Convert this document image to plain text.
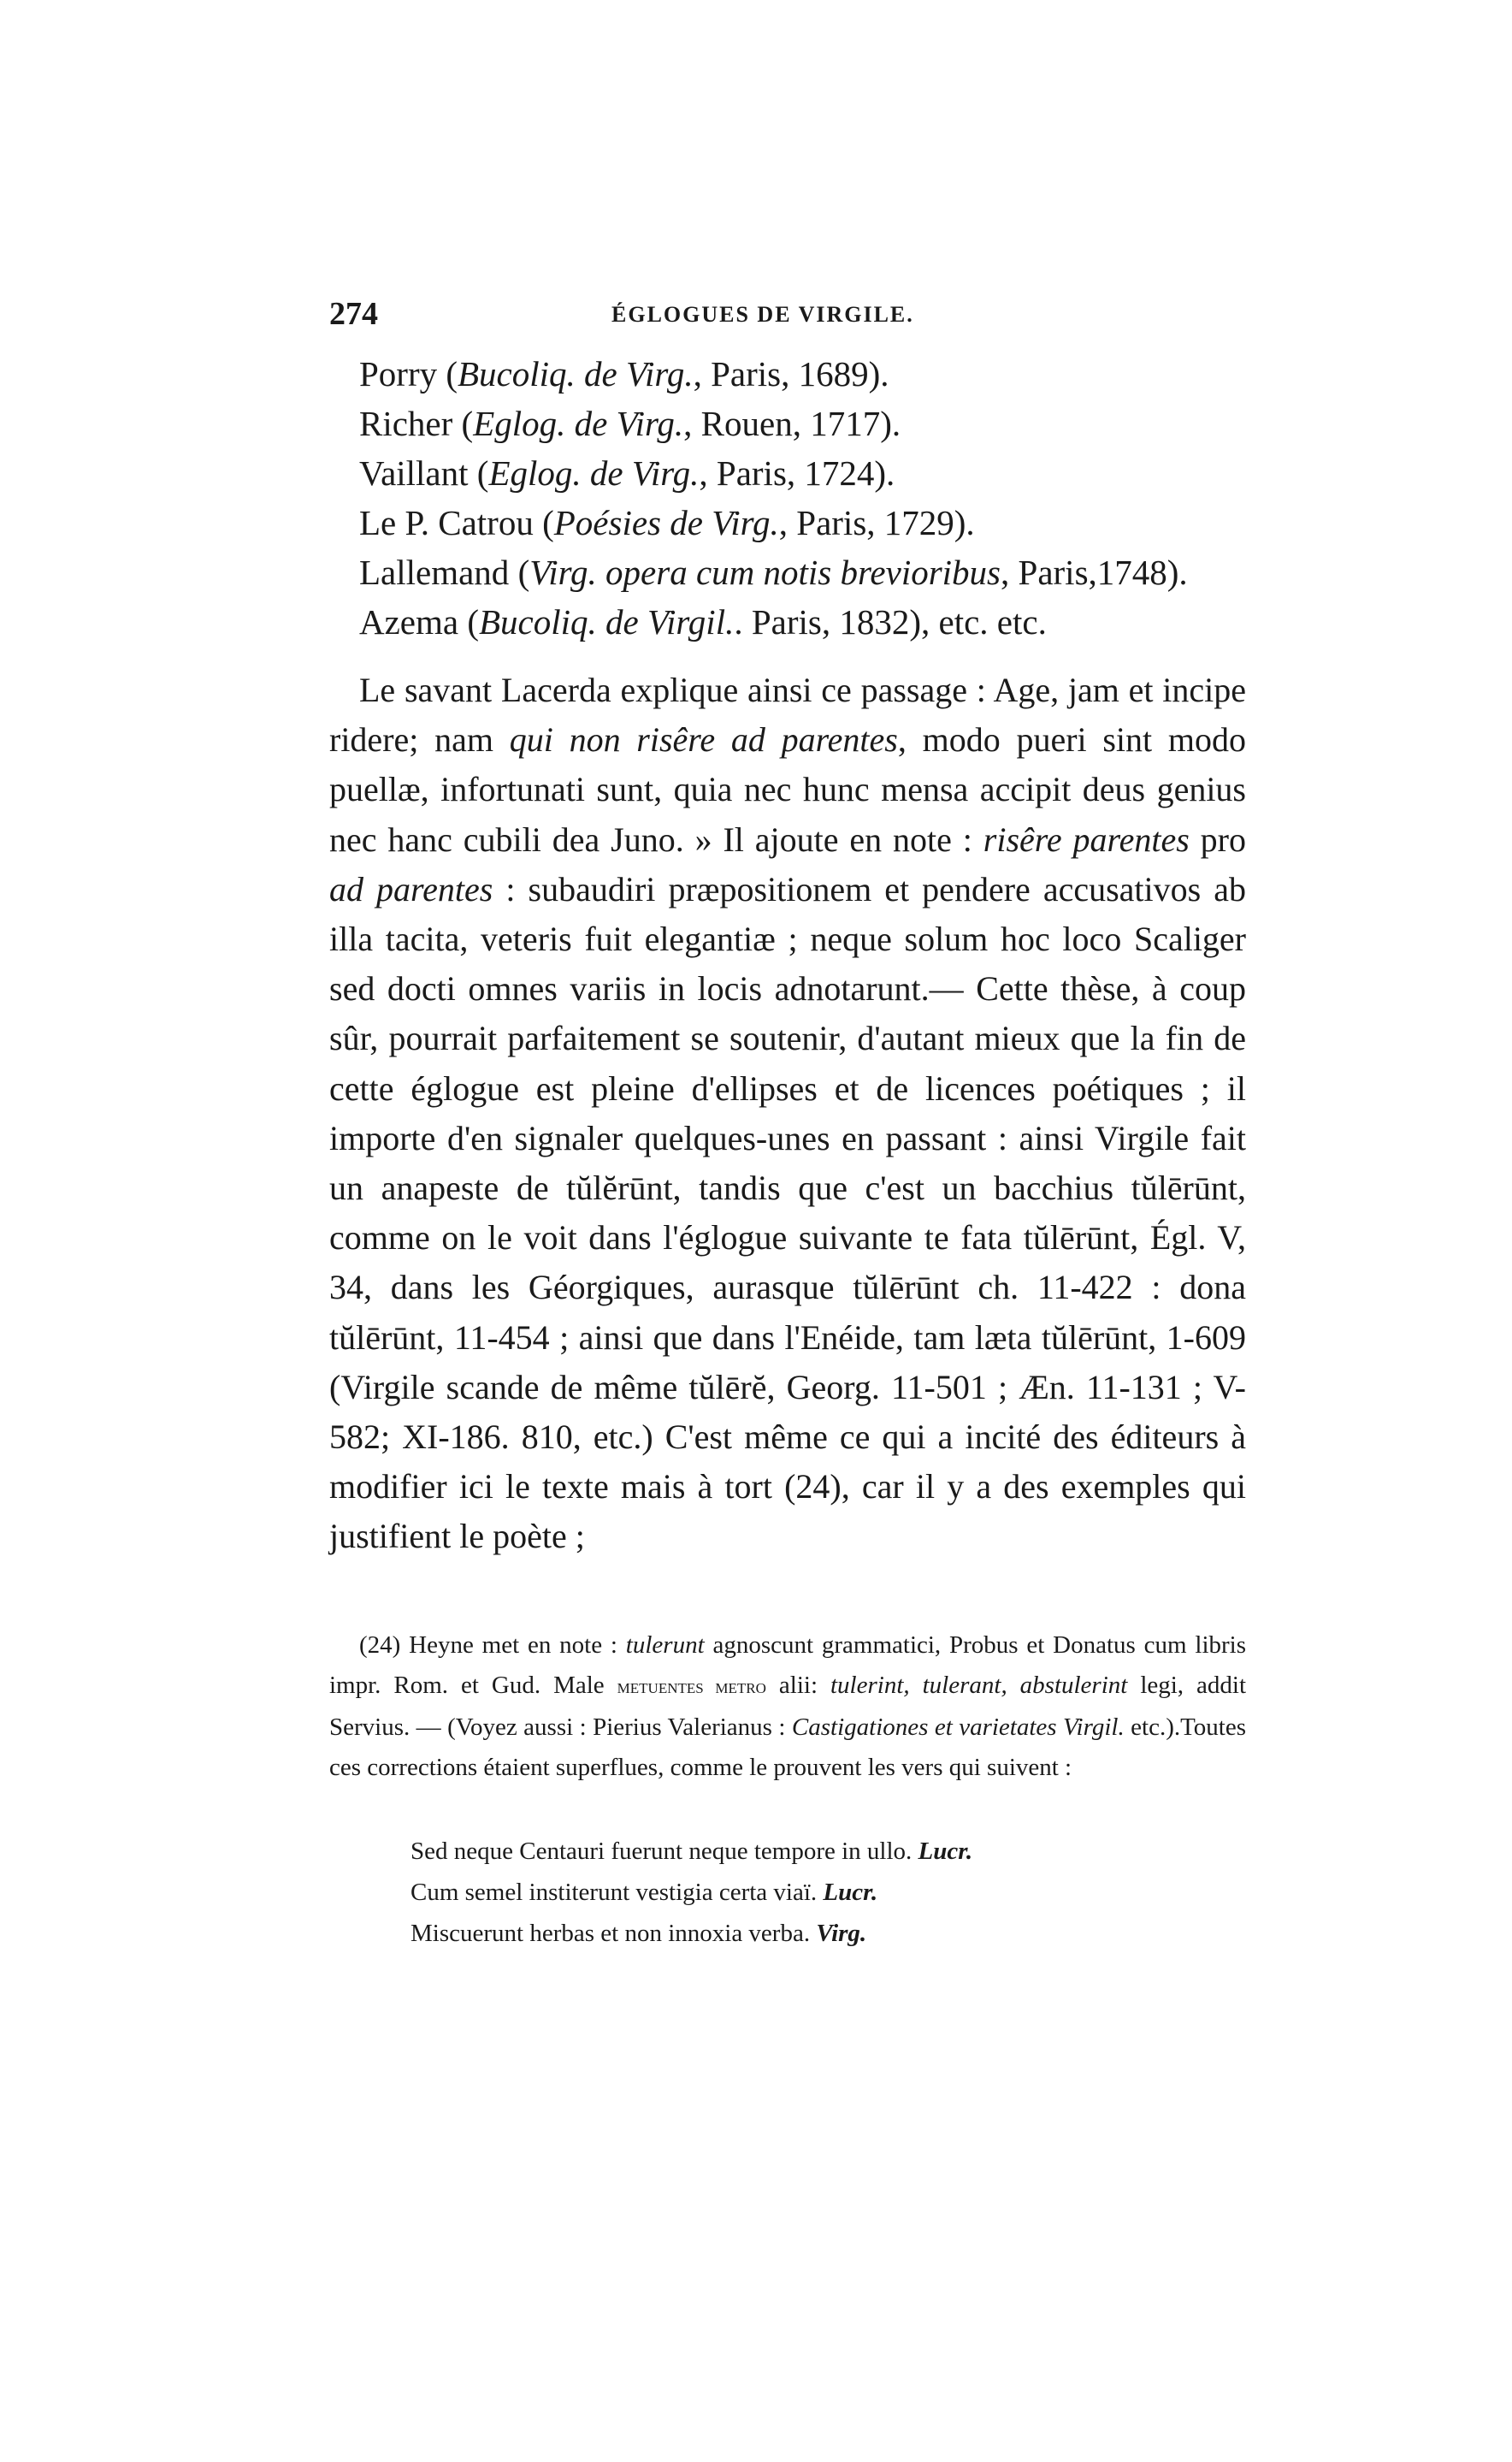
274	ÉGLOGUES DE VIRGILE.
Porry (Bucoliq. de Virg., Paris, 1689).
Richer (Eglog. de Virg., Rouen, 1717).
Vaillant (Eglog. de Virg., Paris, 1724).
Le P. Catrou (Poésies de Virg., Paris, 1729).
Lallemand (Virg. opera cum notis brevioribus, Paris,1748).
Azema (Bucoliq. de Virgil.. Paris, 1832), etc. etc.

Le savant Lacerda explique ainsi ce passage : Age, jam et incipe ridere; nam qui non risêre ad parentes, modo pueri sint modo puellæ, infortunati sunt, quia nec hunc mensa accipit deus genius nec hanc cubili dea Juno. » Il ajoute en note : risêre parentes pro ad parentes : subaudiri præpositionem et pendere accusativos ab illa tacita, veteris fuit elegantiæ ; neque solum hoc loco Scaliger sed docti omnes variis in locis adnotarunt.— Cette thèse, à coup sûr, pourrait parfaitement se soutenir, d'autant mieux que la fin de cette églogue est pleine d'ellipses et de licences poétiques ; il importe d'en signaler quelques-unes en passant : ainsi Virgile fait un anapeste de tŭlĕrūnt, tandis que c'est un bacchius tŭlērūnt, comme on le voit dans l'églogue suivante te fata tŭlērūnt, Égl. V, 34, dans les Géorgiques, aurasque tŭlērūnt ch. 11-422 : dona tŭlērūnt, 11-454 ; ainsi que dans l'Enéide, tam læta tŭlērūnt, 1-609 (Virgile scande de même tŭlērĕ, Georg. 11-501 ; Æn. 11-131 ; V-582; XI-186. 810, etc.) C'est même ce qui a incité des éditeurs à modifier ici le texte mais à tort (24), car il y a des exemples qui justifient le poète ;

(24) Heyne met en note : tulerunt agnoscunt grammatici, Probus et Donatus cum libris impr. Rom. et Gud. Male metuentes metro alii: tulerint, tulerant, abstulerint legi, addit Servius. — (Voyez aussi : Pierius Valerianus : Castigationes et varietates Virgil. etc.).Toutes ces corrections étaient superflues, comme le prouvent les vers qui suivent :

Sed neque Centauri fuerunt neque tempore in ullo. Lucr.
Cum semel institerunt vestigia certa viaï. Lucr.
Miscuerunt herbas et non innoxia verba. Virg.
